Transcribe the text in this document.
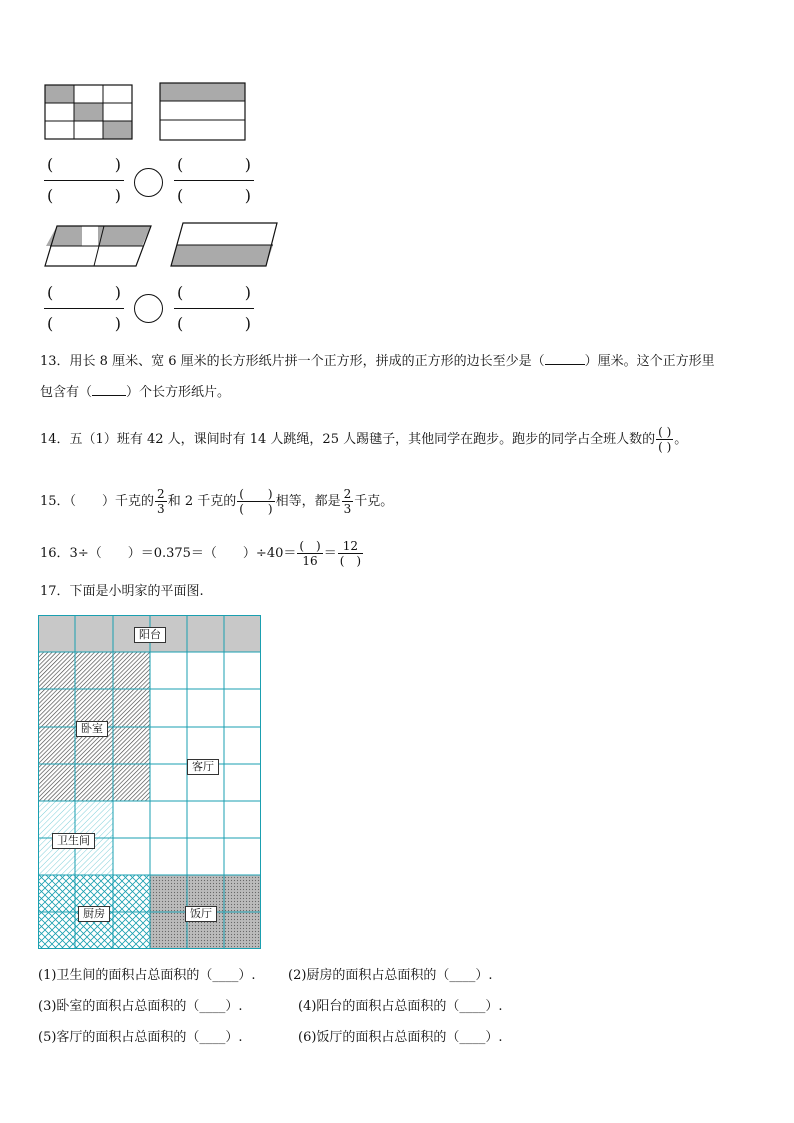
(	)
(	)
(	)
(	)
(	)
(	)
(	)
(	)
13．用长 8 厘米、宽 6 厘米的长方形纸片拼一个正方形，拼成的正方形的边长至少是（	）厘米。这个正方形里
包含有（	）个长方形纸片。
14．五（1）班有 42 人，课间时有 14 人跳绳，25 人踢毽子，其他同学在跑步。跑步的同学占全班人数的 ( )
( ) 。
15．（　　）千克的 $\frac{2}{3}$ 和 2 千克的 (　　)
(　　) 相等，都是 $\frac{2}{3}$ 千克。
16．3÷（　　）＝0.375＝（　　）÷40＝ (　)
16 ＝ 12
(　)
17．下面是小明家的平面图.
阳台
卧室
客厅
卫生间
厨房	饭厅
(1)卫生间的面积占总面积的（____）. (2)厨房的面积占总面积的（____）.
(3)卧室的面积占总面积的（____）.	(4)阳台的面积占总面积的（____）.
(5)客厅的面积占总面积的（____）.	(6)饭厅的面积占总面积的（____）.
